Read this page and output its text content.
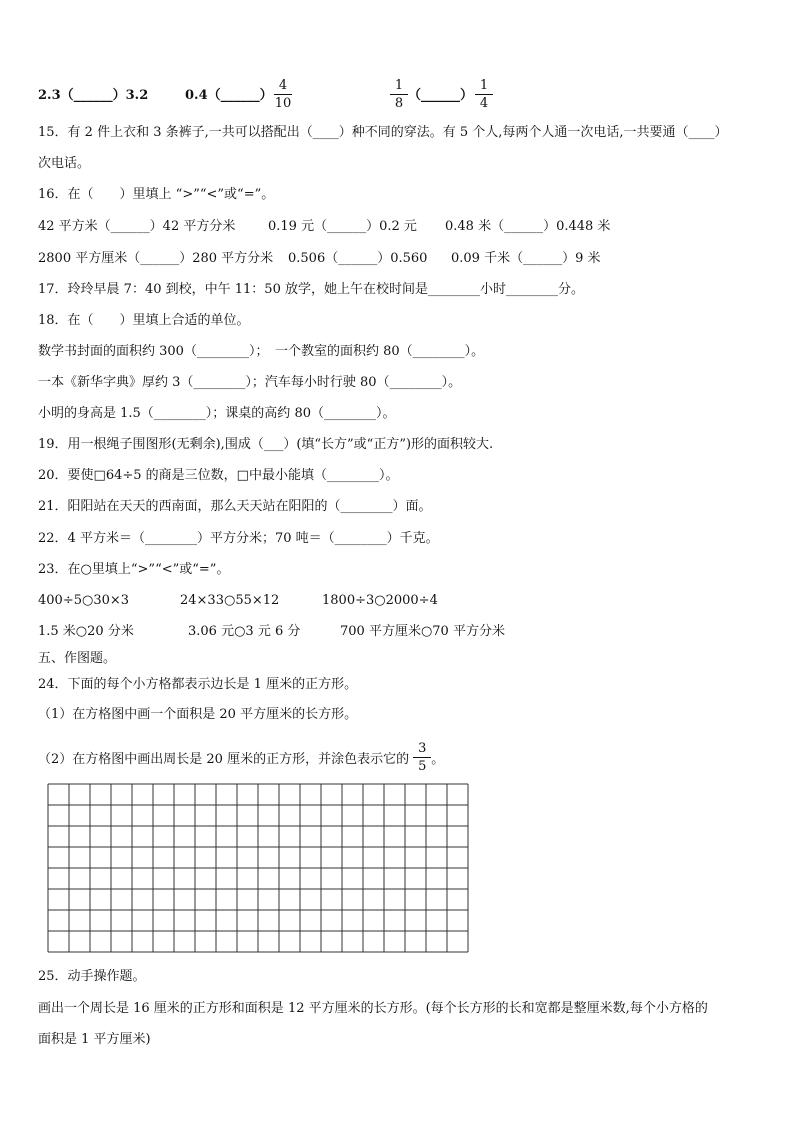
2.3（______）3.2	0.4（______） $\frac{4}{10}$	$\frac{1}{8}$ （______） $\frac{1}{4}$
15．有 2 件上衣和 3 条裤子,一共可以搭配出（____）种不同的穿法。有 5 个人,每两个人通一次电话,一共要通（____）
次电话。
16．在（　　）里填上 “>”“<”或“=”。
42 平方米（______）42 平方分米	0.19 元（______）0.2 元 0.48 米（______）0.448 米
2800 平方厘米（______）280 平方分米 0.506（______）0.560 0.09 千米（______）9 米
17．玲玲早晨 7：40 到校，中午 11：50 放学，她上午在校时间是________小时________分。
18．在（　　）里填上合适的单位。
数学书封面的面积约 300（________）；　一个教室的面积约 80（________）。
一本《新华字典》厚约 3（________）；汽车每小时行驶 80（________）。
小明的身高是 1.5（________）；课桌的高约 80（________）。
19．用一根绳子围图形(无剩余),围成（___）(填“长方”或“正方”)形的面积较大.
20．要使□64÷5 的商是三位数，□中最小能填（________）。
21．阳阳站在天天的西南面，那么天天站在阳阳的（________）面。
22．4 平方米＝（________）平方分米；70 吨＝（________）千克。
23．在○里填上“>”“<”或“=”。
400÷5○30×3	24×33○55×12	1800÷3○2000÷4
1.5 米○20 分米	3.06 元○3 元 6 分	700 平方厘米○70 平方分米
五、作图题。
24．下面的每个小方格都表示边长是 1 厘米的正方形。
（1）在方格图中画一个面积是 20 平方厘米的长方形。
（2）在方格图中画出周长是 20 厘米的正方形，并涂色表示它的 $\frac{3}{5}$ 。
25．动手操作题。
画出一个周长是 16 厘米的正方形和面积是 12 平方厘米的长方形。(每个长方形的长和宽都是整厘米数,每个小方格的
面积是 1 平方厘米)
